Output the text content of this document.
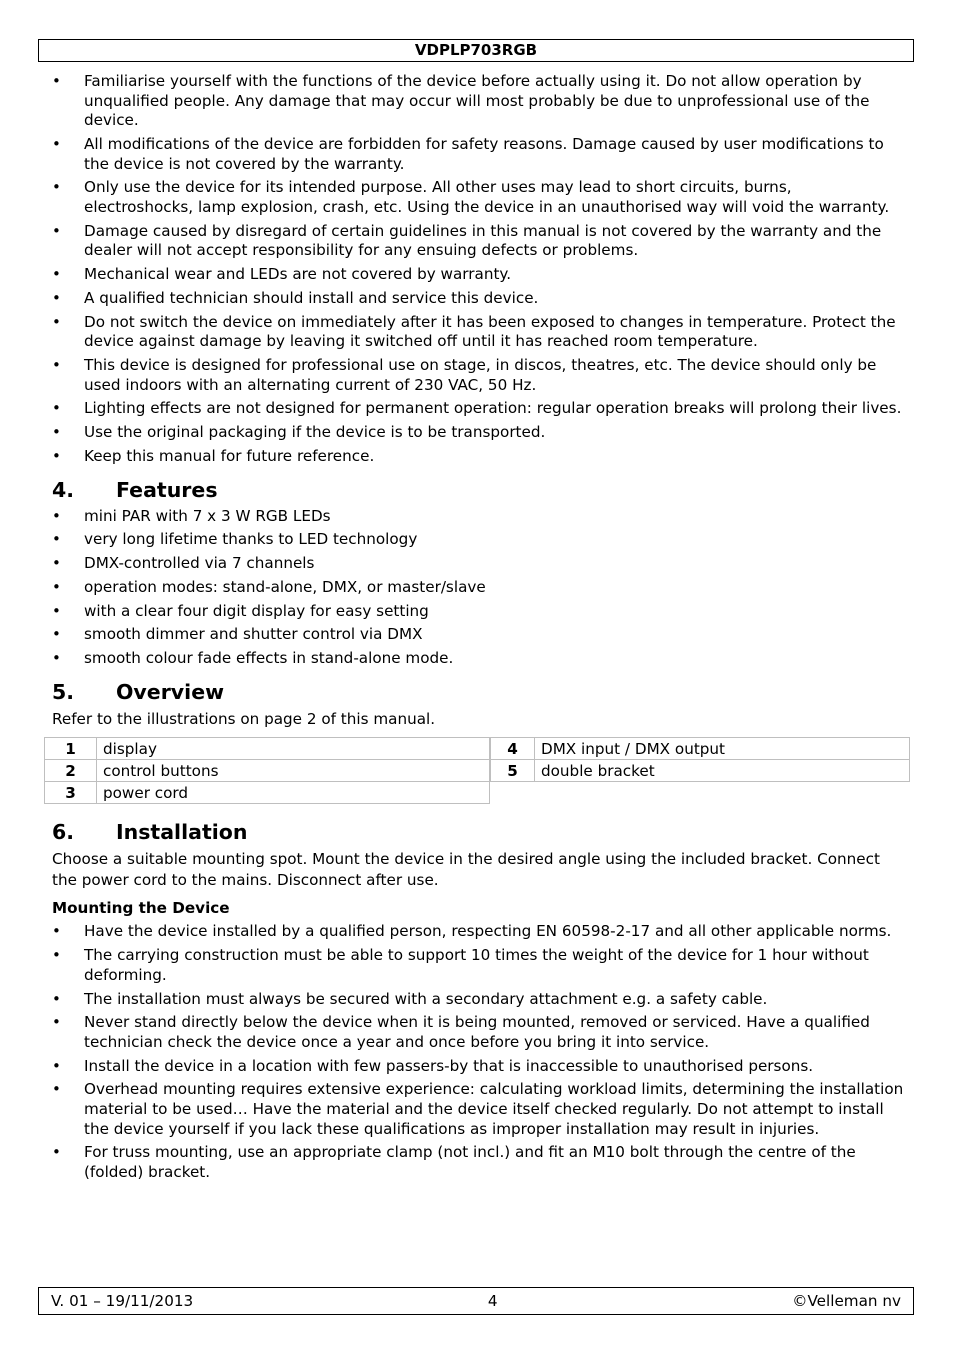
VDPLP703RGB
• Familiarise yourself with the functions of the device before actually using it. Do not allow operation by unqualified people. Any damage that may occur will most probably be due to unprofessional use of the device.
• All modifications of the device are forbidden for safety reasons. Damage caused by user modifications to the device is not covered by the warranty.
• Only use the device for its intended purpose. All other uses may lead to short circuits, burns, electroshocks, lamp explosion, crash, etc. Using the device in an unauthorised way will void the warranty.
• Damage caused by disregard of certain guidelines in this manual is not covered by the warranty and the dealer will not accept responsibility for any ensuing defects or problems.
• Mechanical wear and LEDs are not covered by warranty.
• A qualified technician should install and service this device.
• Do not switch the device on immediately after it has been exposed to changes in temperature. Protect the device against damage by leaving it switched off until it has reached room temperature.
• This device is designed for professional use on stage, in discos, theatres, etc. The device should only be used indoors with an alternating current of 230 VAC, 50 Hz.
• Lighting effects are not designed for permanent operation: regular operation breaks will prolong their lives.
• Use the original packaging if the device is to be transported.
• Keep this manual for future reference.
4.	Features
• mini PAR with 7 x 3 W RGB LEDs
• very long lifetime thanks to LED technology
• DMX-controlled via 7 channels
• operation modes: stand-alone, DMX, or master/slave
• with a clear four digit display for easy setting
• smooth dimmer and shutter control via DMX
• smooth colour fade effects in stand-alone mode.
5.	Overview

Refer to the illustrations on page 2 of this manual.

1	display
2	control buttons
3	power cord
4	DMX input / DMX output
5	double bracket
6.	Installation

Choose a suitable mounting spot. Mount the device in the desired angle using the included bracket. Connect the power cord to the mains. Disconnect after use.

Mounting the Device
• Have the device installed by a qualified person, respecting EN 60598-2-17 and all other applicable norms.
• The carrying construction must be able to support 10 times the weight of the device for 1 hour without deforming.
• The installation must always be secured with a secondary attachment e.g. a safety cable.
• Never stand directly below the device when it is being mounted, removed or serviced. Have a qualified technician check the device once a year and once before you bring it into service.
• Install the device in a location with few passers-by that is inaccessible to unauthorised persons.
• Overhead mounting requires extensive experience: calculating workload limits, determining the installation material to be used… Have the material and the device itself checked regularly. Do not attempt to install the device yourself if you lack these qualifications as improper installation may result in injuries.
• For truss mounting, use an appropriate clamp (not incl.) and fit an M10 bolt through the centre of the (folded) bracket.
V. 01 – 19/11/2013	4	©Velleman nv
